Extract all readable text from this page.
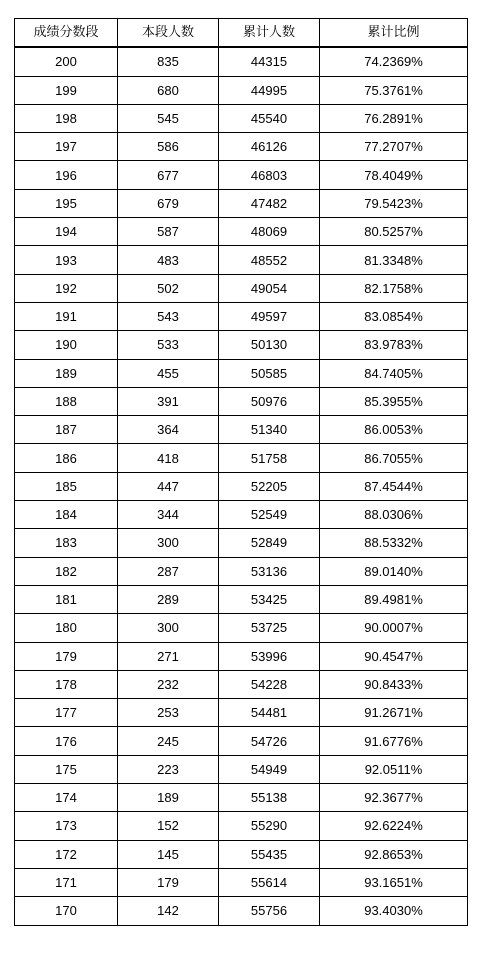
成绩分数段	本段人数	累计人数	累计比例
200	835	44315	74.2369%
199	680	44995	75.3761%
198	545	45540	76.2891%
197	586	46126	77.2707%
196	677	46803	78.4049%
195	679	47482	79.5423%
194	587	48069	80.5257%
193	483	48552	81.3348%
192	502	49054	82.1758%
191	543	49597	83.0854%
190	533	50130	83.9783%
189	455	50585	84.7405%
188	391	50976	85.3955%
187	364	51340	86.0053%
186	418	51758	86.7055%
185	447	52205	87.4544%
184	344	52549	88.0306%
183	300	52849	88.5332%
182	287	53136	89.0140%
181	289	53425	89.4981%
180	300	53725	90.0007%
179	271	53996	90.4547%
178	232	54228	90.8433%
177	253	54481	91.2671%
176	245	54726	91.6776%
175	223	54949	92.0511%
174	189	55138	92.3677%
173	152	55290	92.6224%
172	145	55435	92.8653%
171	179	55614	93.1651%
170	142	55756	93.4030%
